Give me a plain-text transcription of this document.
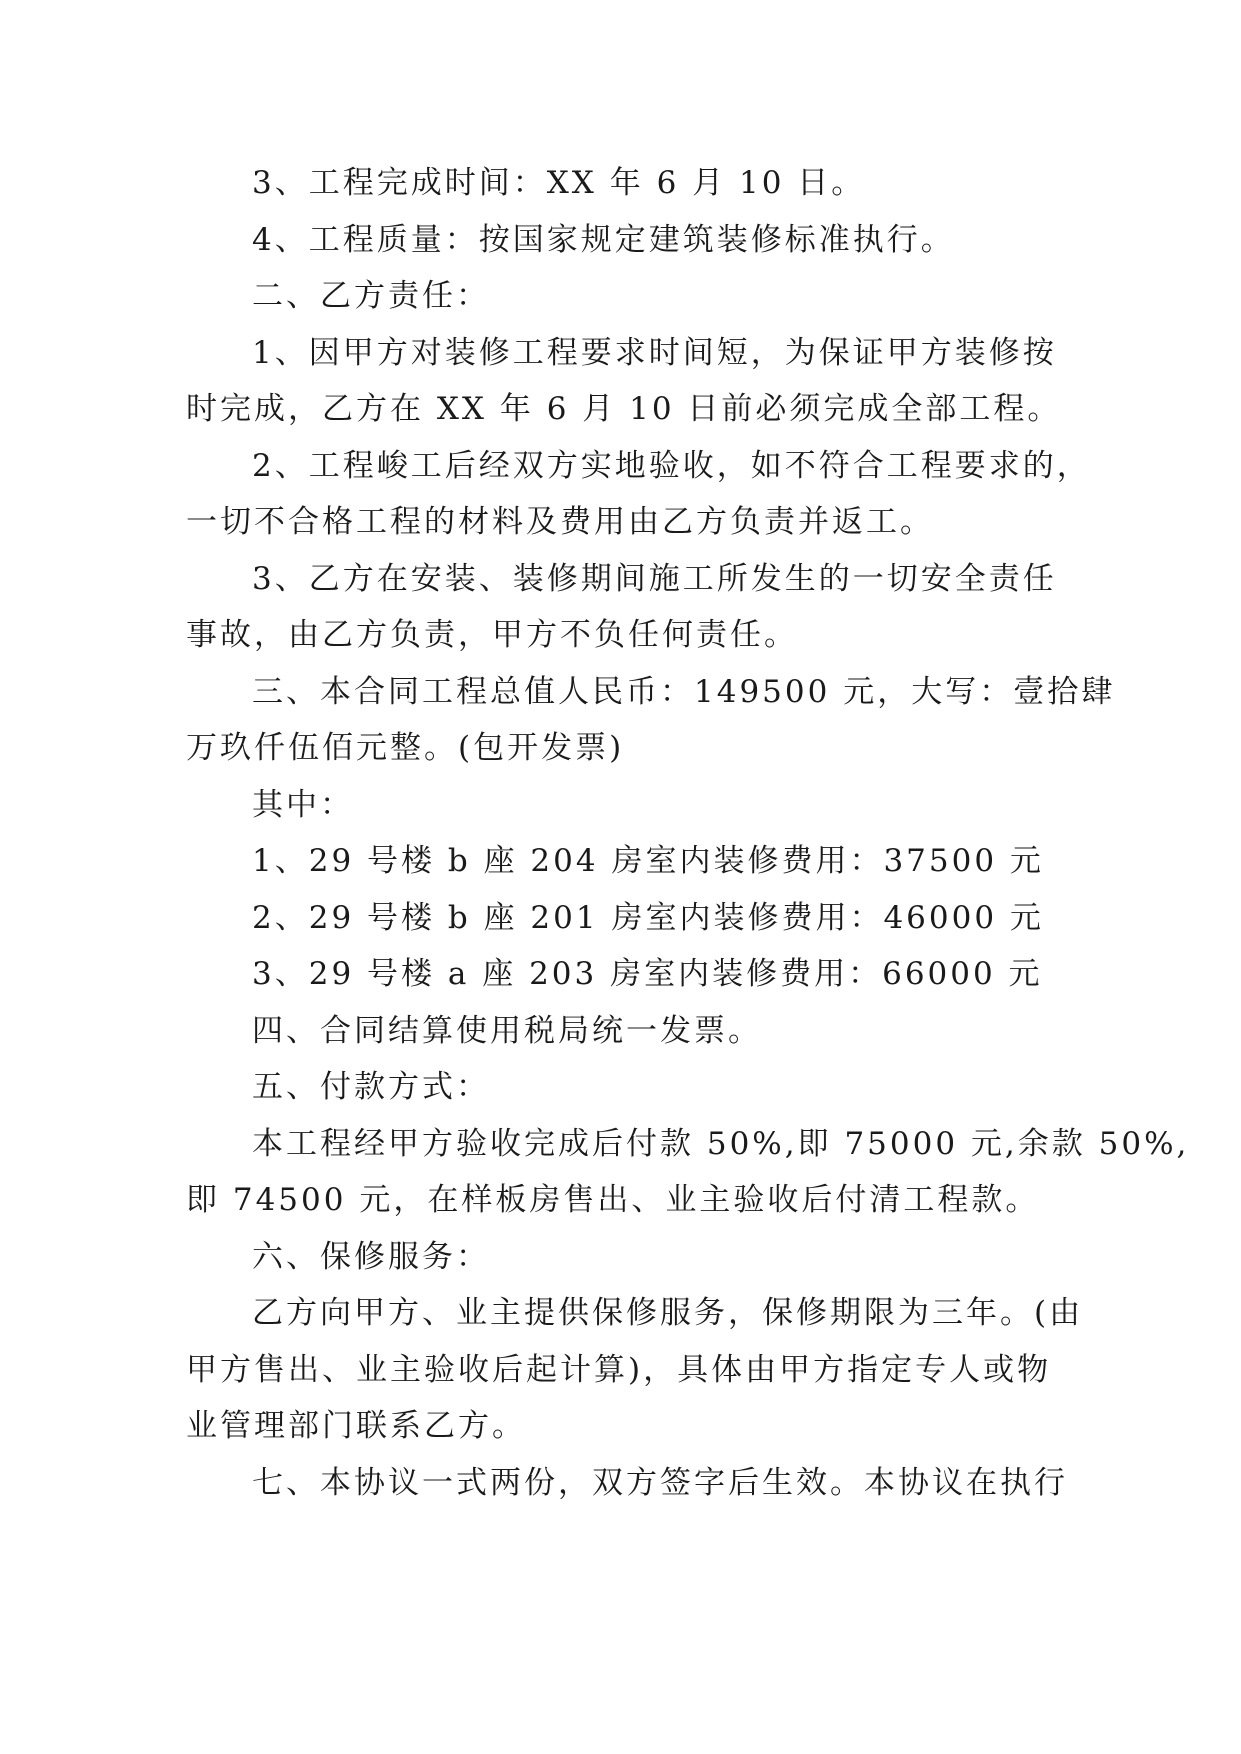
3、工程完成时间：XX 年 6 月 10 日。

4、工程质量：按国家规定建筑装修标准执行。

二、乙方责任：

1、因甲方对装修工程要求时间短，为保证甲方装修按

时完成，乙方在 XX 年 6 月 10 日前必须完成全部工程。

2、工程峻工后经双方实地验收，如不符合工程要求的，

一切不合格工程的材料及费用由乙方负责并返工。

3、乙方在安装、装修期间施工所发生的一切安全责任

事故，由乙方负责，甲方不负任何责任。

三、本合同工程总值人民币：149500 元，大写：壹拾肆

万玖仟伍佰元整。(包开发票)

其中：

1、29 号楼 b 座 204 房室内装修费用：37500 元

2、29 号楼 b 座 201 房室内装修费用：46000 元

3、29 号楼 a 座 203 房室内装修费用：66000 元

四、合同结算使用税局统一发票。

五、付款方式：

本工程经甲方验收完成后付款 50%,即 75000 元,余款 50%,

即 74500 元，在样板房售出、业主验收后付清工程款。

六、保修服务：

乙方向甲方、业主提供保修服务，保修期限为三年。(由

甲方售出、业主验收后起计算)，具体由甲方指定专人或物

业管理部门联系乙方。

七、本协议一式两份，双方签字后生效。本协议在执行
